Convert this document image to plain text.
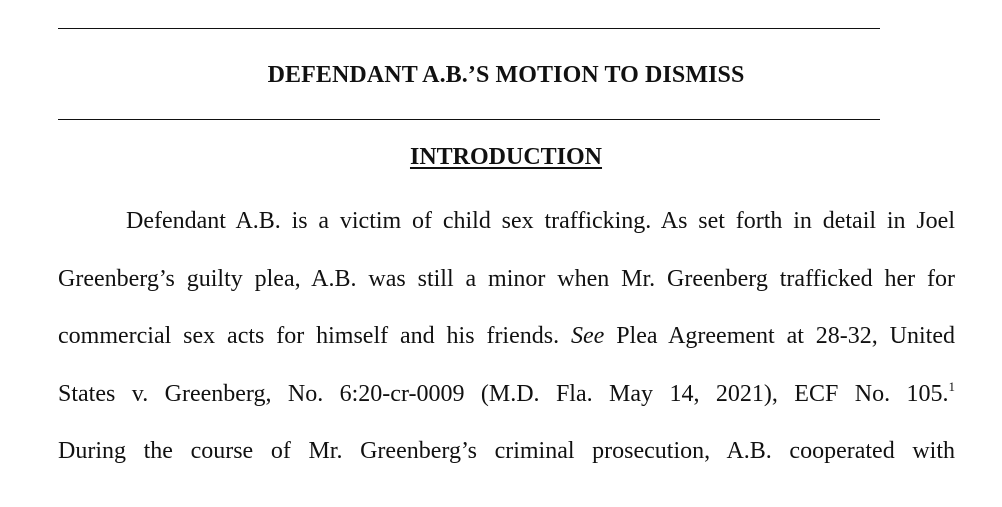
DEFENDANT A.B.’S MOTION TO DISMISS
INTRODUCTION
Defendant A.B. is a victim of child sex trafficking. As set forth in detail in Joel
Greenberg’s guilty plea, A.B. was still a minor when Mr. Greenberg trafficked her for
commercial sex acts for himself and his friends. See Plea Agreement at 28-32, United
States v. Greenberg, No. 6:20-cr-0009 (M.D. Fla. May 14, 2021), ECF No. 105.$^1$
During the course of Mr. Greenberg’s criminal prosecution, A.B. cooperated with
